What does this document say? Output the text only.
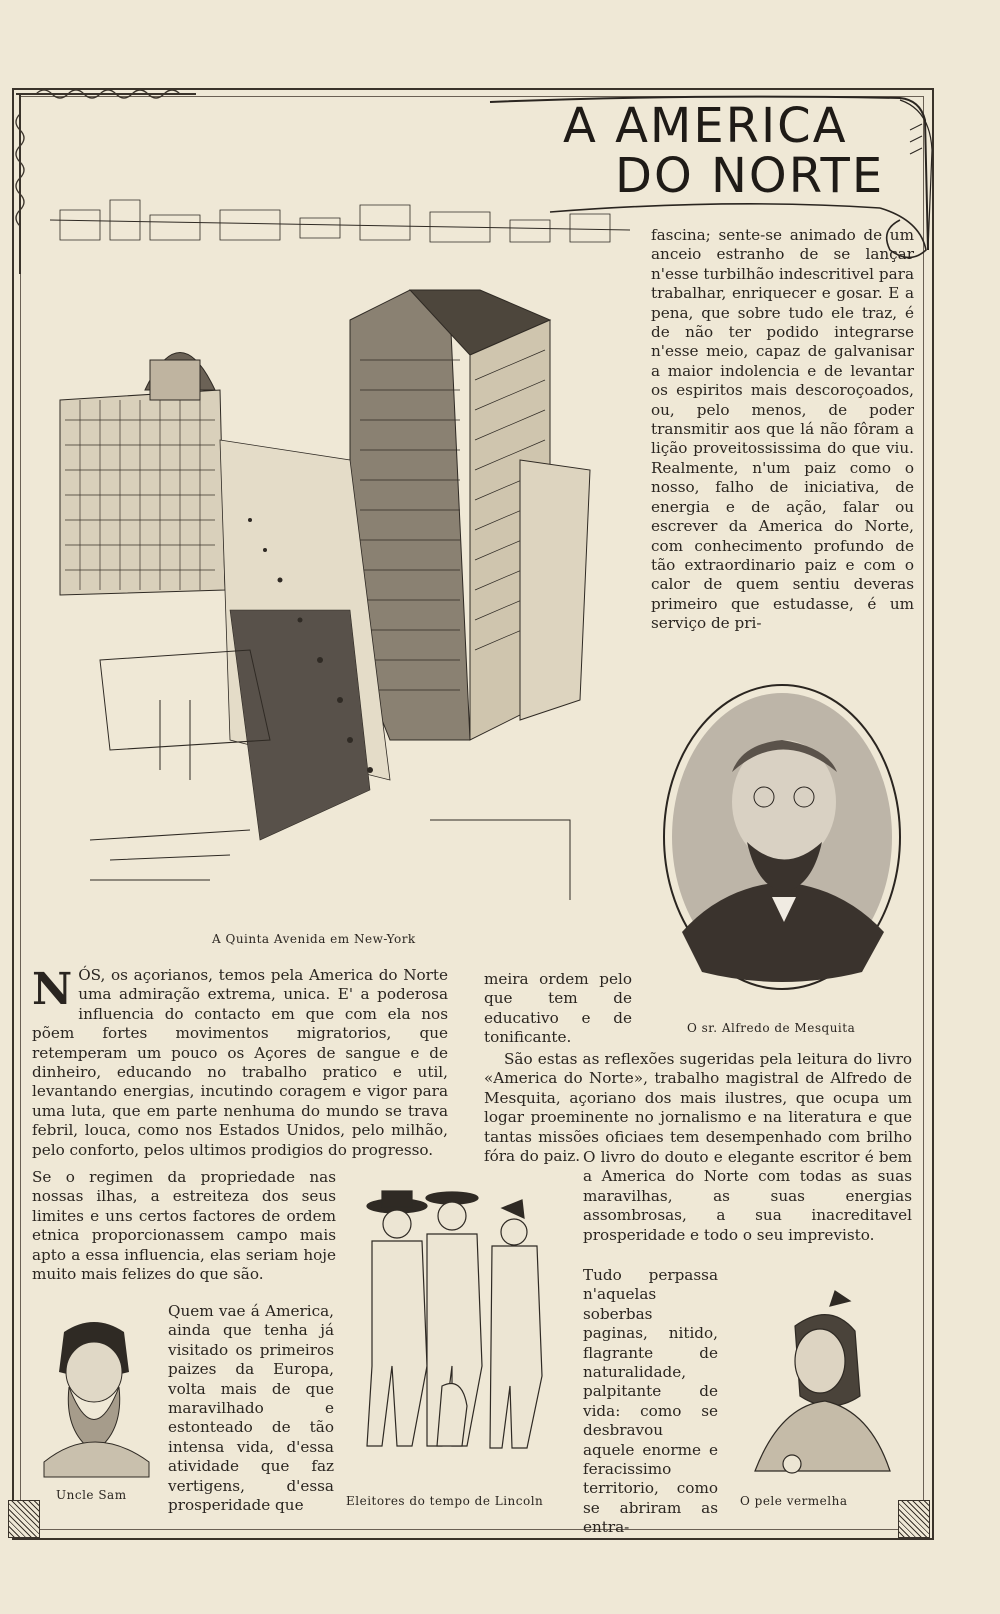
A AMERICA
DO NORTE
A Quinta Avenida em New-York

fascina; sente-se animado de um anceio estranho de se lançar n'esse turbilhão indescritivel para trabalhar, enriquecer e gosar. E a pena, que sobre tudo ele traz, é de não ter podido integrarse n'esse meio, capaz de galvanisar a maior indolencia e de levantar os espiritos mais descoroçoados, ou, pelo menos, de poder transmitir aos que lá não fôram a lição proveitossissima do que viu. Realmente, n'um paiz como o nosso, falho de iniciativa, de energia e de ação, falar ou escrever da America do Norte, com conhecimento profundo de tão extraordinario paiz e com o calor de quem sentiu deveras primeiro que estudasse, é um serviço de pri-

O sr. Alfredo de Mesquita
N ÓS, os açorianos, temos pela America do Norte uma admiração extrema, unica. E' a poderosa influencia do contacto em que com ela nos põem fortes movimentos migratorios, que retemperam um pouco os Açores de sangue e de dinheiro, educando no trabalho pratico e util, levantando energias, incutindo coragem e vigor para uma luta, que em parte nenhuma do mundo se trava febril, louca, como nos Estados Unidos, pelo milhão, pelo conforto, pelos ultimos prodigios do progresso.

Se o regimen da propriedade nas nossas ilhas, a estreiteza dos seus limites e uns certos factores de ordem etnica proporcionassem campo mais apto a essa influencia, elas seriam hoje muito mais felizes do que são.

Quem vae á America, ainda que tenha já visitado os primeiros paizes da Europa, volta mais de que maravilhado e estonteado de tão intensa vida, d'essa atividade que faz vertigens, d'essa prosperidade que

Uncle Sam	Eleitores do tempo de Lincoln

meira ordem pelo que tem de educativo e de tonificante.

São estas as reflexões sugeridas pela leitura do livro «America do Norte», trabalho magistral de Alfredo de Mesquita, açoriano dos mais ilustres, que ocupa um logar proeminente no jornalismo e na literatura e que tantas missões oficiaes tem desempenhado com brilho fóra do paiz. O livro do douto e elegante escritor é bem a America do Norte com todas as suas maravilhas, as suas energias assombrosas, a sua inacreditavel prosperidade e todo o seu imprevisto.

Tudo perpassa n'aquelas soberbas paginas, nitido, flagrante de naturalidade, palpitante de vida: como se desbravou aquele enorme e feracissimo territorio, como se abriram as entra-

O pele vermelha
